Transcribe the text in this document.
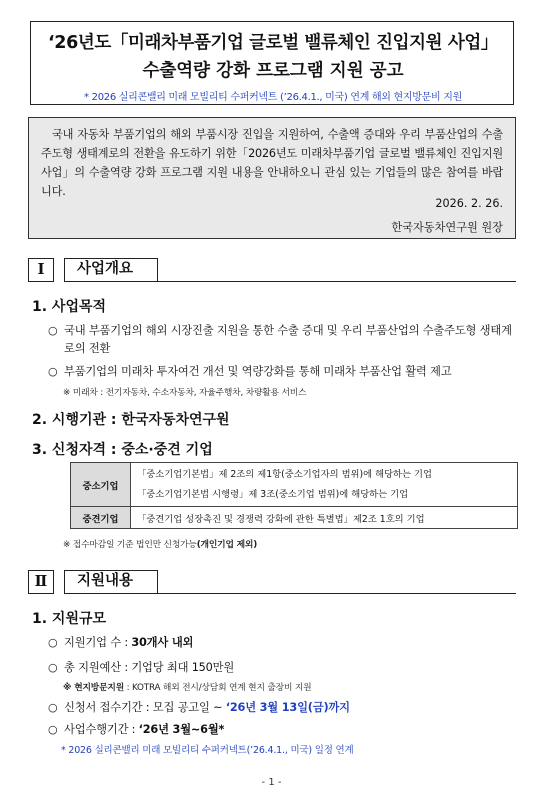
‘26년도「미래차부품기업 글로벌 밸류체인 진입지원 사업」
수출역량 강화 프로그램 지원 공고
* 2026 실리콘밸리 미래 모빌리티 수퍼커넥트 (’26.4.1., 미국) 연계 해외 현지방문비 지원
국내 자동차 부품기업의 해외 부품시장 진입을 지원하여, 수출액 증대와 우리 부품산업의 수출주도형 생태계로의 전환을 유도하기 위한「2026년도 미래차부품기업 글로벌 밸류체인 진입지원 사업」의 수출역량 강화 프로그램 지원 내용을 안내하오니 관심 있는 기업들의 많은 참여를 바랍니다.
2026. 2. 26.
한국자동차연구원 원장
Ⅰ	사업개요
1. 사업목적
○ 국내 부품기업의 해외 시장진출 지원을 통한 수출 증대 및 우리 부품산업의 수출주도형 생태계로의 전환
○ 부품기업의 미래차 투자여건 개선 및 역량강화를 통해 미래차 부품산업 활력 제고
※ 미래차 : 전기자동차, 수소자동차, 자율주행차, 차량활용 서비스
2. 시행기관 : 한국자동차연구원
3. 신청자격 : 중소·중견 기업
중소기업	「중소기업기본법」제 2조의 제1항(중소기업자의 범위)에 해당하는 기업
「중소기업기본법 시행령」제 3조(중소기업 범위)에 해당하는 기업

중견기업	「중견기업 성장촉진 및 경쟁력 강화에 관한 특별법」제2조 1호의 기업
※ 접수마감일 기준 법인만 신청가능(개인기업 제외)
Ⅱ	지원내용
1. 지원규모
○ 지원기업 수 : 30개사 내외
○ 총 지원예산 : 기업당 최대 150만원
※ 현지방문지원 : KOTRA 해외 전시/상담회 연계 현지 출장비 지원
○ 신청서 접수기간 : 모집 공고일 ~ ‘26년 3월 13일(금)까지
○ 사업수행기간 : ‘26년 3월~6월*
* 2026 실리콘밸리 미래 모빌리티 수퍼커넥트(’26.4.1., 미국) 일정 연계
- 1 -
